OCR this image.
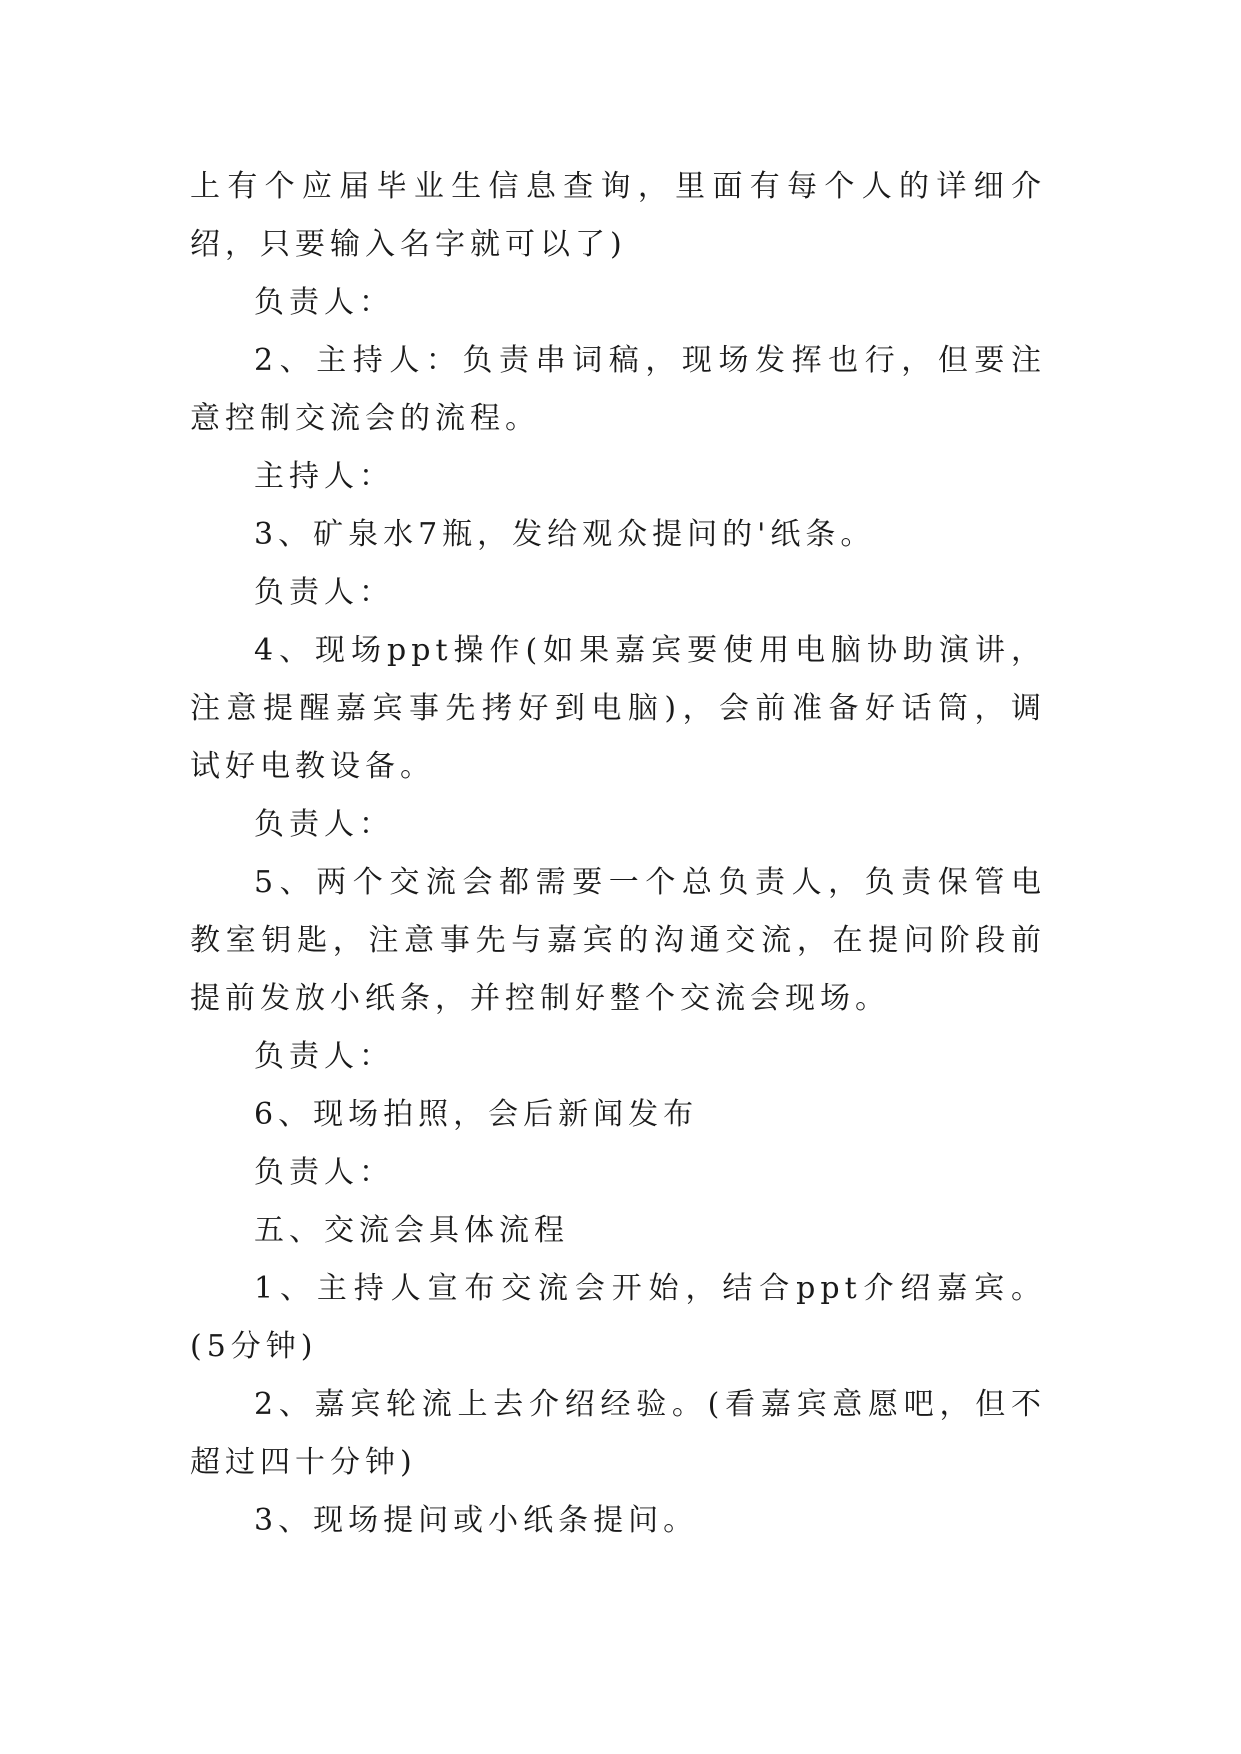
上有个应届毕业生信息查询，里面有每个人的详细介绍，只要输入名字就可以了)

负责人：

2、主持人：负责串词稿，现场发挥也行，但要注意控制交流会的流程。

主持人：

3、矿泉水7瓶，发给观众提问的'纸条。

负责人：

4、现场ppt操作(如果嘉宾要使用电脑协助演讲，注意提醒嘉宾事先拷好到电脑)，会前准备好话筒，调试好电教设备。

负责人：

5、两个交流会都需要一个总负责人，负责保管电教室钥匙，注意事先与嘉宾的沟通交流，在提问阶段前提前发放小纸条，并控制好整个交流会现场。

负责人：

6、现场拍照，会后新闻发布

负责人：

五、交流会具体流程

1、主持人宣布交流会开始，结合ppt介绍嘉宾。(5分钟)

2、嘉宾轮流上去介绍经验。(看嘉宾意愿吧，但不超过四十分钟)

3、现场提问或小纸条提问。
